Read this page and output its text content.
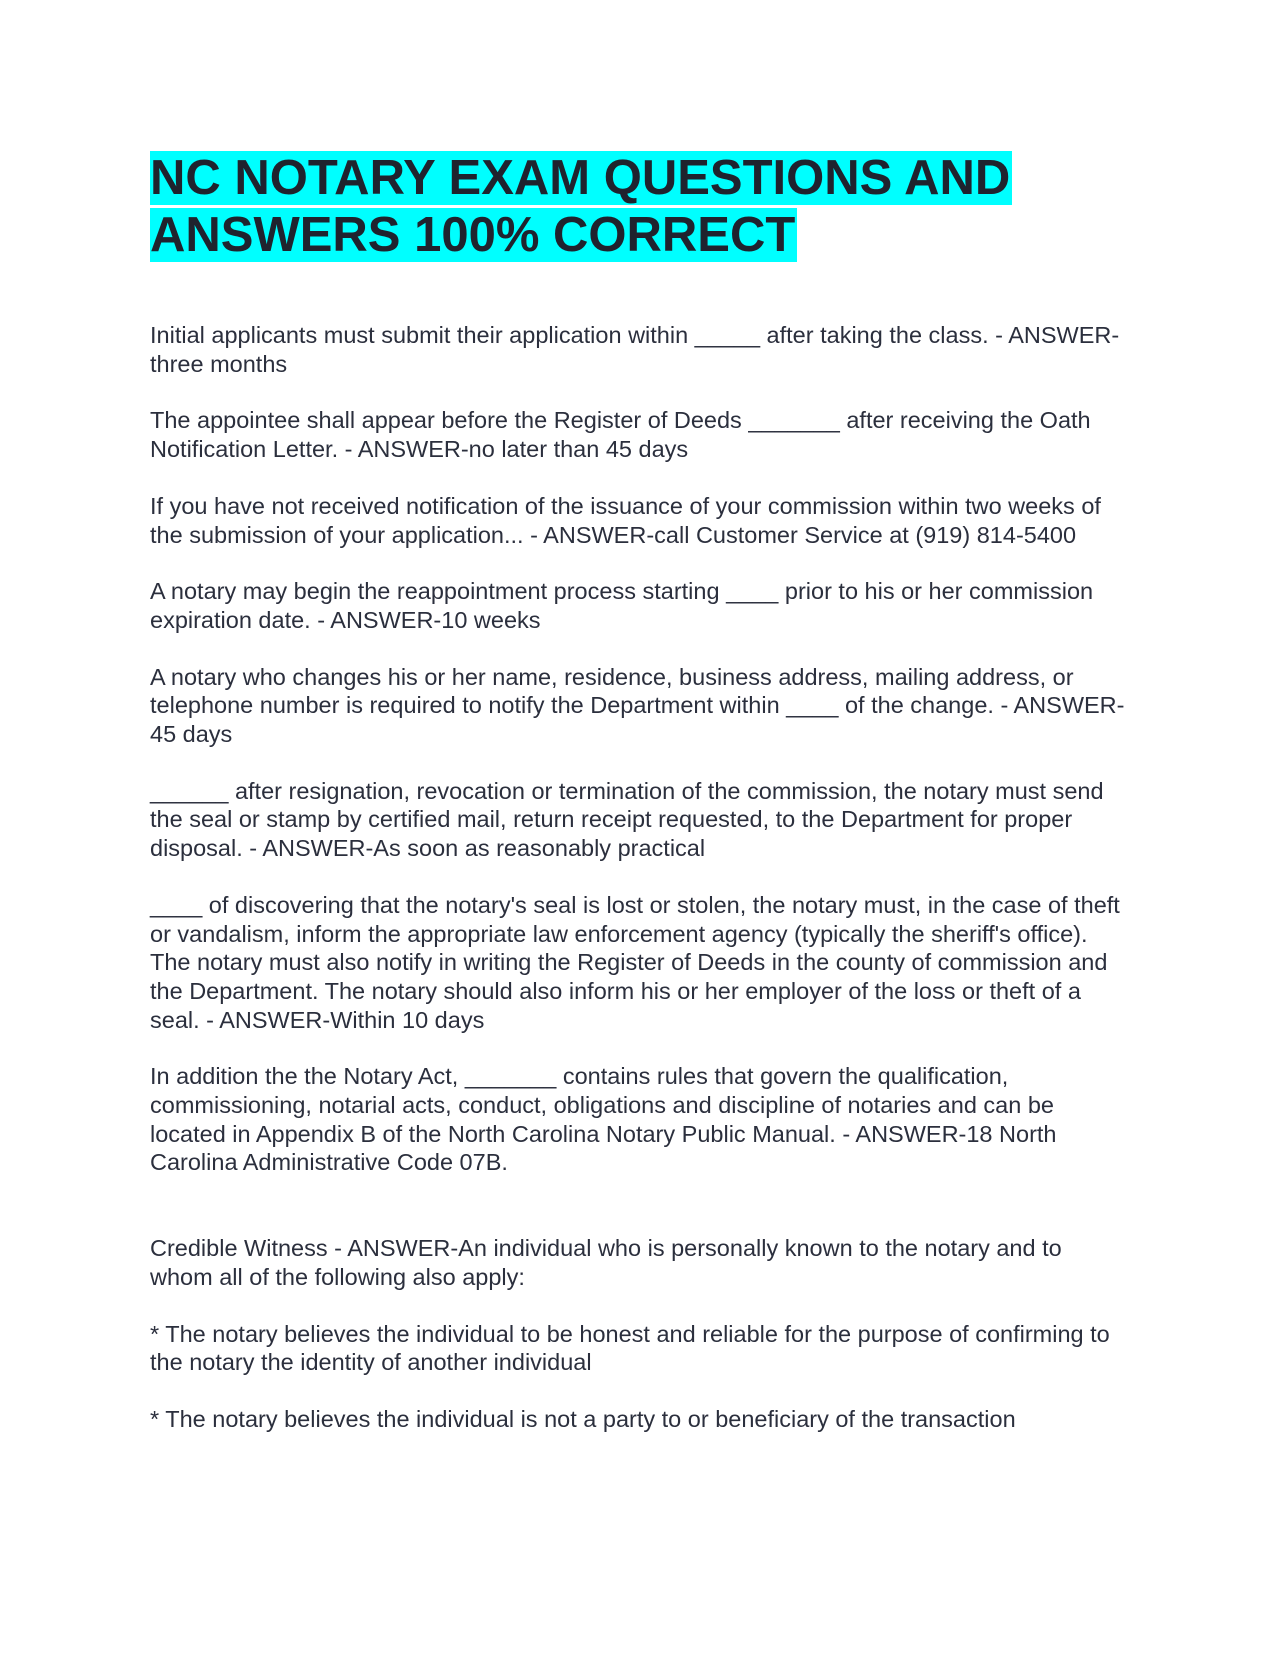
NC NOTARY EXAM QUESTIONS AND ANSWERS 100% CORRECT

Initial applicants must submit their application within _____ after taking the class. - ANSWER-three months

The appointee shall appear before the Register of Deeds _______ after receiving the Oath Notification Letter. - ANSWER-no later than 45 days

If you have not received notification of the issuance of your commission within two weeks of the submission of your application... - ANSWER-call Customer Service at (919) 814-5400

A notary may begin the reappointment process starting ____ prior to his or her commission expiration date. - ANSWER-10 weeks

A notary who changes his or her name, residence, business address, mailing address, or telephone number is required to notify the Department within ____ of the change. - ANSWER-45 days

______ after resignation, revocation or termination of the commission, the notary must send the seal or stamp by certified mail, return receipt requested, to the Department for proper disposal. - ANSWER-As soon as reasonably practical

____ of discovering that the notary's seal is lost or stolen, the notary must, in the case of theft or vandalism, inform the appropriate law enforcement agency (typically the sheriff's office). The notary must also notify in writing the Register of Deeds in the county of commission and the Department. The notary should also inform his or her employer of the loss or theft of a seal. - ANSWER-Within 10 days

In addition the the Notary Act, _______ contains rules that govern the qualification, commissioning, notarial acts, conduct, obligations and discipline of notaries and can be located in Appendix B of the North Carolina Notary Public Manual. - ANSWER-18 North Carolina Administrative Code 07B.

Credible Witness - ANSWER-An individual who is personally known to the notary and to whom all of the following also apply:

* The notary believes the individual to be honest and reliable for the purpose of confirming to the notary the identity of another individual

* The notary believes the individual is not a party to or beneficiary of the transaction
